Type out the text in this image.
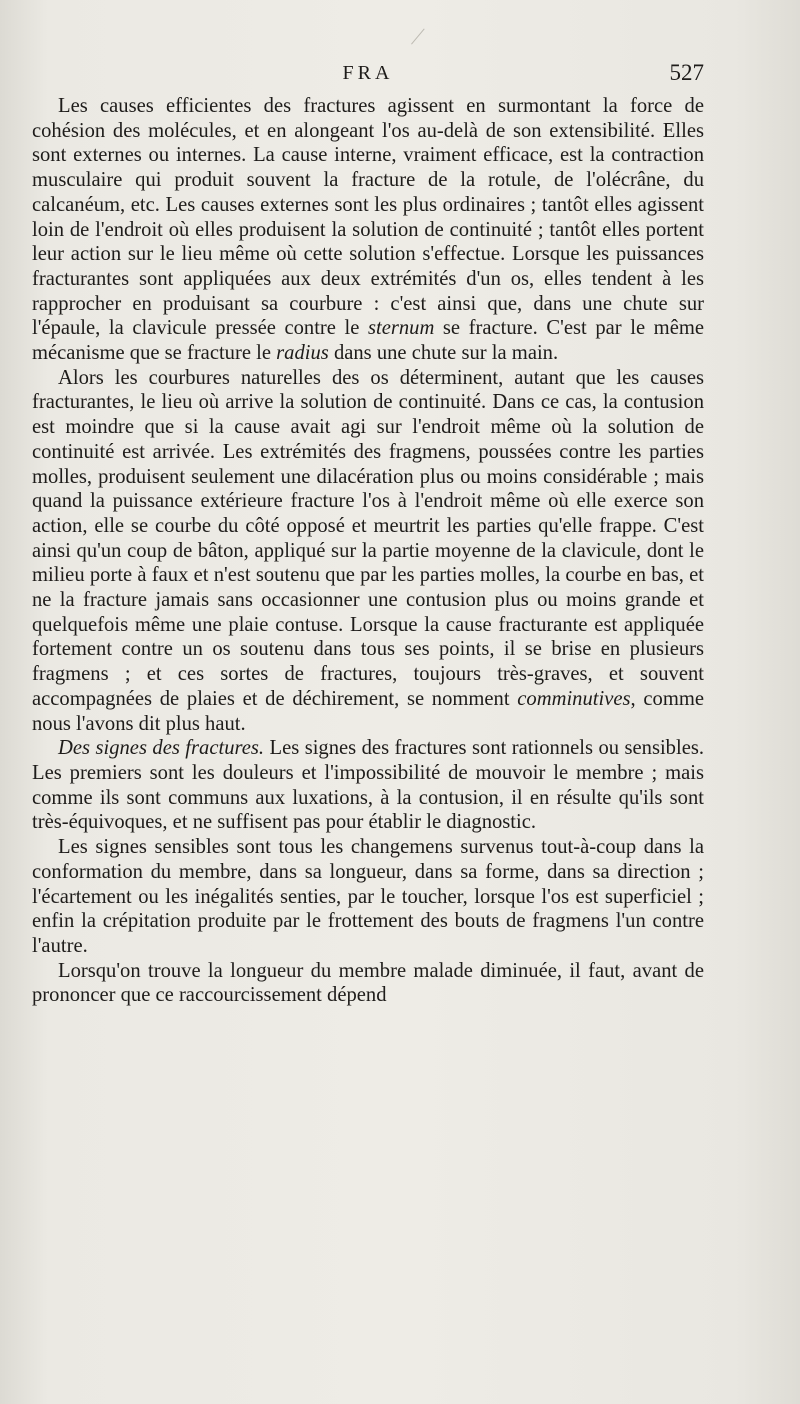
FRA	527

Les causes efficientes des fractures agissent en surmontant la force de cohésion des molécules, et en alongeant l'os au-delà de son extensibilité. Elles sont externes ou internes. La cause interne, vraiment efficace, est la contraction musculaire qui produit souvent la fracture de la rotule, de l'olécrâne, du calcanéum, etc. Les causes externes sont les plus ordinaires ; tantôt elles agissent loin de l'endroit où elles produisent la solution de continuité ; tantôt elles portent leur action sur le lieu même où cette solution s'effectue. Lorsque les puissances fracturantes sont appliquées aux deux extrémités d'un os, elles tendent à les rapprocher en produisant sa courbure : c'est ainsi que, dans une chute sur l'épaule, la clavicule pressée contre le sternum se fracture. C'est par le même mécanisme que se fracture le radius dans une chute sur la main.

Alors les courbures naturelles des os déterminent, autant que les causes fracturantes, le lieu où arrive la solution de continuité. Dans ce cas, la contusion est moindre que si la cause avait agi sur l'endroit même où la solution de continuité est arrivée. Les extrémités des fragmens, poussées contre les parties molles, produisent seulement une dilacération plus ou moins considérable ; mais quand la puissance extérieure fracture l'os à l'endroit même où elle exerce son action, elle se courbe du côté opposé et meurtrit les parties qu'elle frappe. C'est ainsi qu'un coup de bâton, appliqué sur la partie moyenne de la clavicule, dont le milieu porte à faux et n'est soutenu que par les parties molles, la courbe en bas, et ne la fracture jamais sans occasionner une contusion plus ou moins grande et quelquefois même une plaie contuse. Lorsque la cause fracturante est appliquée fortement contre un os soutenu dans tous ses points, il se brise en plusieurs fragmens ; et ces sortes de fractures, toujours très-graves, et souvent accompagnées de plaies et de déchirement, se nomment comminutives, comme nous l'avons dit plus haut.

Des signes des fractures. Les signes des fractures sont rationnels ou sensibles. Les premiers sont les douleurs et l'impossibilité de mouvoir le membre ; mais comme ils sont communs aux luxations, à la contusion, il en résulte qu'ils sont très-équivoques, et ne suffisent pas pour établir le diagnostic.

Les signes sensibles sont tous les changemens survenus tout-à-coup dans la conformation du membre, dans sa longueur, dans sa forme, dans sa direction ; l'écartement ou les inégalités senties, par le toucher, lorsque l'os est superficiel ; enfin la crépitation produite par le frottement des bouts de fragmens l'un contre l'autre.

Lorsqu'on trouve la longueur du membre malade diminuée, il faut, avant de prononcer que ce raccourcissement dépend
